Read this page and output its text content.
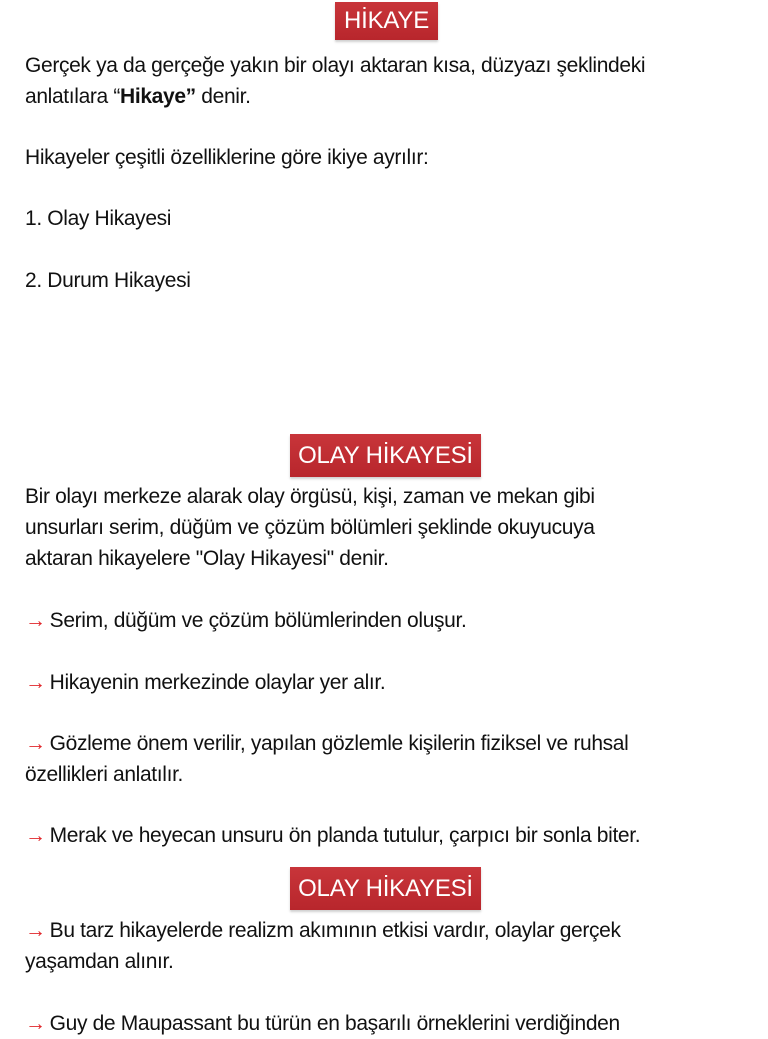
HİKAYE
Gerçek ya da gerçeğe yakın bir olayı aktaran kısa, düzyazı şeklindeki
anlatılara “Hikaye” denir.
Hikayeler çeşitli özelliklerine göre ikiye ayrılır:
1. Olay Hikayesi
2. Durum Hikayesi
OLAY HİKAYESİ
Bir olayı merkeze alarak olay örgüsü, kişi, zaman ve mekan gibi
unsurları serim, düğüm ve çözüm bölümleri şeklinde okuyucuya
aktaran hikayelere "Olay Hikayesi" denir.
→ Serim, düğüm ve çözüm bölümlerinden oluşur.
→ Hikayenin merkezinde olaylar yer alır.
→ Gözleme önem verilir, yapılan gözlemle kişilerin fiziksel ve ruhsal
özellikleri anlatılır.
→ Merak ve heyecan unsuru ön planda tutulur, çarpıcı bir sonla biter.
OLAY HİKAYESİ
→ Bu tarz hikayelerde realizm akımının etkisi vardır, olaylar gerçek
yaşamdan alınır.
→ Guy de Maupassant bu türün en başarılı örneklerini verdiğinden
